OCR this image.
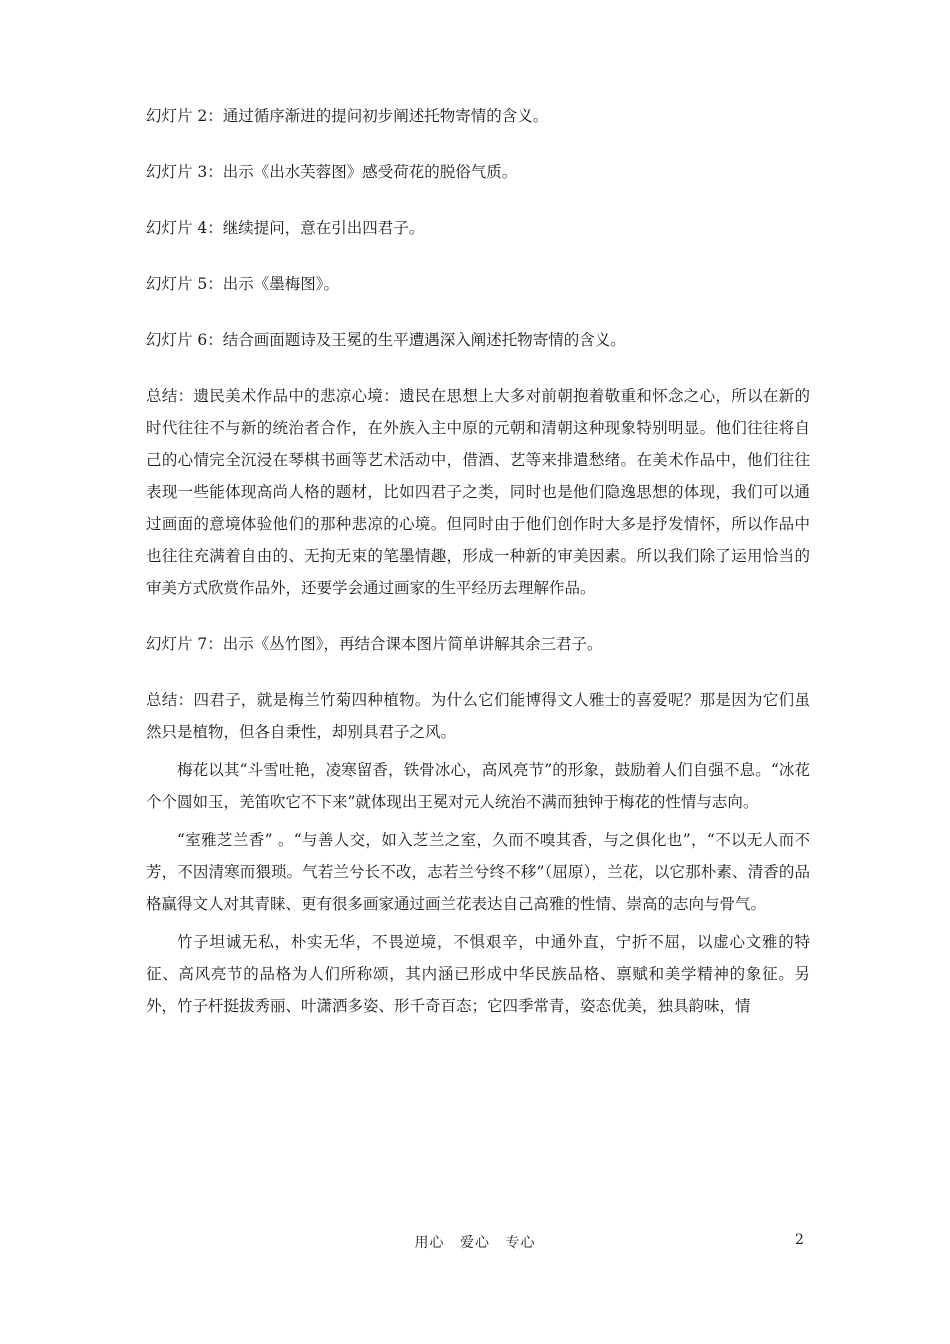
幻灯片 2：通过循序渐进的提问初步阐述托物寄情的含义。

幻灯片 3：出示《出水芙蓉图》感受荷花的脱俗气质。

幻灯片 4：继续提问，意在引出四君子。

幻灯片 5：出示《墨梅图》。

幻灯片 6：结合画面题诗及王冕的生平遭遇深入阐述托物寄情的含义。

总结：遗民美术作品中的悲凉心境：遗民在思想上大多对前朝抱着敬重和怀念之心，所以在新的时代往往不与新的统治者合作，在外族入主中原的元朝和清朝这种现象特别明显。他们往往将自己的心情完全沉浸在琴棋书画等艺术活动中，借酒、艺等来排遣愁绪。在美术作品中，他们往往表现一些能体现高尚人格的题材，比如四君子之类，同时也是他们隐逸思想的体现，我们可以通过画面的意境体验他们的那种悲凉的心境。但同时由于他们创作时大多是抒发情怀，所以作品中也往往充满着自由的、无拘无束的笔墨情趣，形成一种新的审美因素。所以我们除了运用恰当的审美方式欣赏作品外，还要学会通过画家的生平经历去理解作品。

幻灯片 7：出示《丛竹图》，再结合课本图片简单讲解其余三君子。

总结：四君子，就是梅兰竹菊四种植物。为什么它们能博得文人雅士的喜爱呢？那是因为它们虽然只是植物，但各自秉性，却别具君子之风。

梅花以其“斗雪吐艳，凌寒留香，铁骨冰心，高风亮节”的形象，鼓励着人们自强不息。“冰花个个圆如玉，羌笛吹它不下来”就体现出王冕对元人统治不满而独钟于梅花的性情与志向。

“室雅芝兰香” 。“与善人交，如入芝兰之室，久而不嗅其香，与之俱化也”，“不以无人而不芳，不因清寒而猥琐。气若兰兮长不改，志若兰兮终不移”（屈原），兰花，以它那朴素、清香的品格赢得文人对其青睐、更有很多画家通过画兰花表达自己高雅的性情、崇高的志向与骨气。

竹子坦诚无私，朴实无华，不畏逆境，不惧艰辛，中通外直，宁折不屈，以虚心文雅的特征、高风亮节的品格为人们所称颂，其内涵已形成中华民族品格、禀赋和美学精神的象征。另外，竹子杆挺拔秀丽、叶潇洒多姿、形千奇百态；它四季常青，姿态优美，独具韵味，情

用心 爱心 专心	2
